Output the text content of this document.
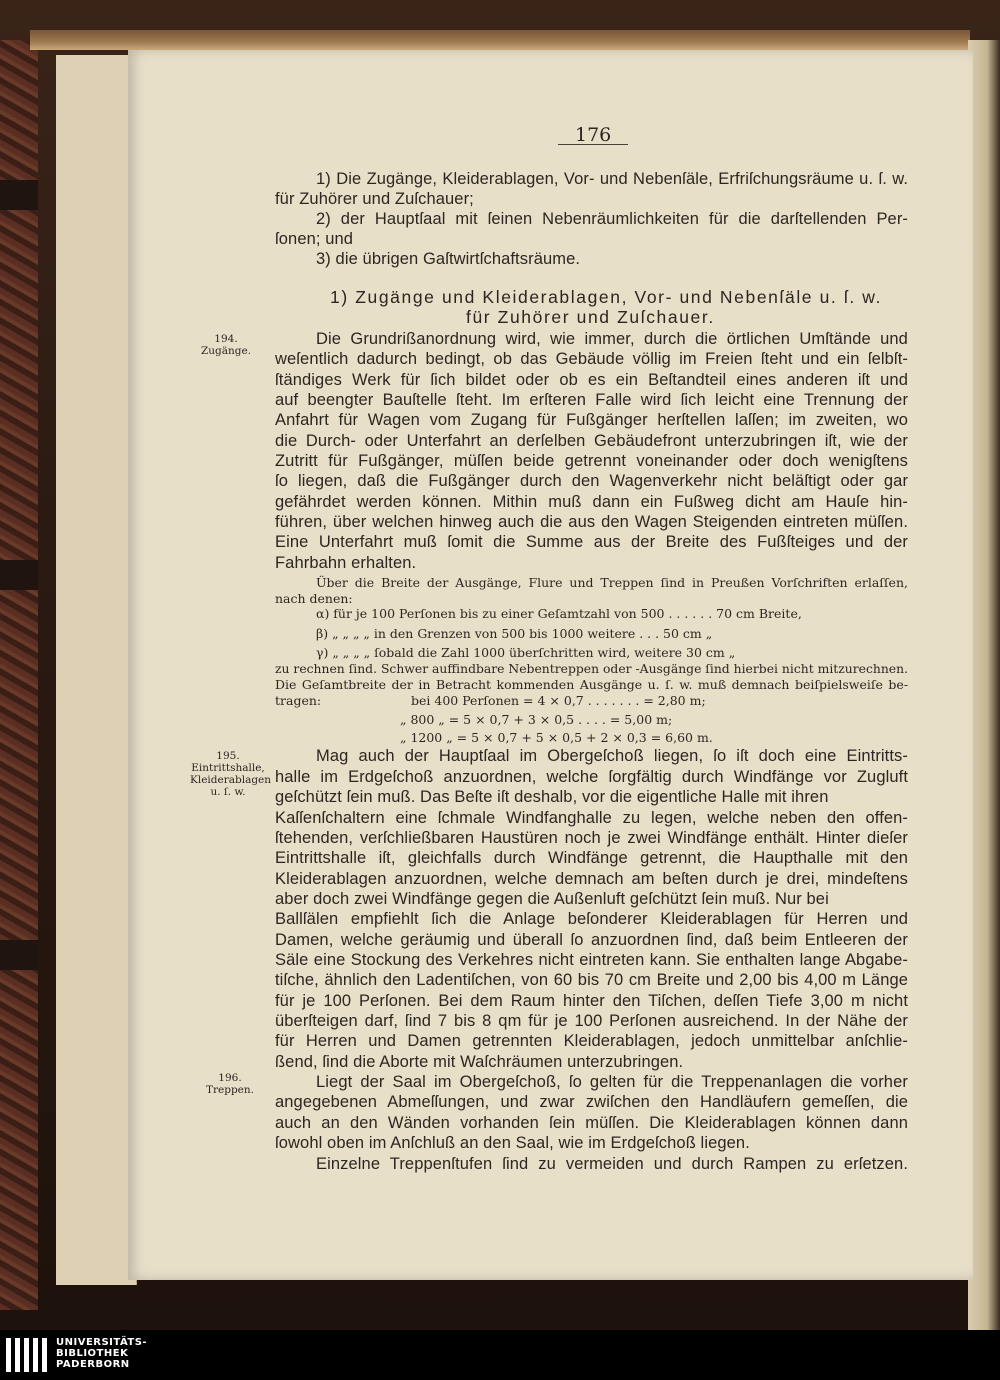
176
1) Die Zugänge, Kleiderablagen, Vor- und Nebenſäle, Erfriſchungsräume u. ſ. w.
für Zuhörer und Zuſchauer;
2) der Hauptſaal mit ſeinen Nebenräumlichkeiten für die darſtellenden Per-
ſonen; und
3) die übrigen Gaſtwirtſchaftsräume.
1) Zugänge und Kleiderablagen, Vor- und Nebenſäle u. ſ. w.
für Zuhörer und Zuſchauer.
Die Grundrißanordnung wird, wie immer, durch die örtlichen Umſtände und
weſentlich dadurch bedingt, ob das Gebäude völlig im Freien ſteht und ein ſelbſt-
ſtändiges Werk für ſich bildet oder ob es ein Beſtandteil eines anderen iſt und
auf beengter Bauſtelle ſteht. Im erſteren Falle wird ſich leicht eine Trennung der
Anfahrt für Wagen vom Zugang für Fußgänger herſtellen laſſen; im zweiten, wo
die Durch- oder Unterfahrt an derſelben Gebäudefront unterzubringen iſt, wie der
Zutritt für Fußgänger, müſſen beide getrennt voneinander oder doch wenigſtens
ſo liegen, daß die Fußgänger durch den Wagenverkehr nicht beläſtigt oder gar
gefährdet werden können. Mithin muß dann ein Fußweg dicht am Hauſe hin-
führen, über welchen hinweg auch die aus den Wagen Steigenden eintreten müſſen.
Eine Unterfahrt muß ſomit die Summe aus der Breite des Fußſteiges und der
Fahrbahn erhalten.
Über die Breite der Ausgänge, Flure und Treppen ſind in Preußen Vorſchriften erlaſſen,
nach denen:
α) für je 100 Perſonen bis zu einer Geſamtzahl von 500 . . . . . . 70 cm Breite,
β) „ „ „ „ in den Grenzen von 500 bis 1000 weitere . . . 50 cm „
γ) „ „ „ „ ſobald die Zahl 1000 überſchritten wird, weitere 30 cm „
zu rechnen ſind. Schwer auffindbare Nebentreppen oder -Ausgänge ſind hierbei nicht mitzurechnen.
Die Geſamtbreite der in Betracht kommenden Ausgänge u. ſ. w. muß demnach beiſpielsweiſe be-
tragen:	bei 400 Perſonen = 4 × 0,7 . . . . . . . = 2,80 m;
„ 800 „ = 5 × 0,7 + 3 × 0,5 . . . . = 5,00 m;
„ 1200 „ = 5 × 0,7 + 5 × 0,5 + 2 × 0,3 = 6,60 m.
Mag auch der Hauptſaal im Obergeſchoß liegen, ſo iſt doch eine Eintritts-
halle im Erdgeſchoß anzuordnen, welche ſorgfältig durch Windfänge vor Zugluft
geſchützt ſein muß. Das Beſte iſt deshalb, vor die eigentliche Halle mit ihren
Kaſſenſchaltern eine ſchmale Windfanghalle zu legen, welche neben den offen-
ſtehenden, verſchließbaren Haustüren noch je zwei Windfänge enthält. Hinter dieſer
Eintrittshalle iſt, gleichfalls durch Windfänge getrennt, die Haupthalle mit den
Kleiderablagen anzuordnen, welche demnach am beſten durch je drei, mindeſtens
aber doch zwei Windfänge gegen die Außenluft geſchützt ſein muß. Nur bei
Ballſälen empfiehlt ſich die Anlage beſonderer Kleiderablagen für Herren und
Damen, welche geräumig und überall ſo anzuordnen ſind, daß beim Entleeren der
Säle eine Stockung des Verkehres nicht eintreten kann. Sie enthalten lange Abgabe-
tiſche, ähnlich den Ladentiſchen, von 60 bis 70 cm Breite und 2,00 bis 4,00 m Länge
für je 100 Perſonen. Bei dem Raum hinter den Tiſchen, deſſen Tiefe 3,00 m nicht
überſteigen darf, ſind 7 bis 8 qm für je 100 Perſonen ausreichend. In der Nähe der
für Herren und Damen getrennten Kleiderablagen, jedoch unmittelbar anſchlie-
ßend, ſind die Aborte mit Waſchräumen unterzubringen.
Liegt der Saal im Obergeſchoß, ſo gelten für die Treppenanlagen die vorher
angegebenen Abmeſſungen, und zwar zwiſchen den Handläufern gemeſſen, die
auch an den Wänden vorhanden ſein müſſen. Die Kleiderablagen können dann
ſowohl oben im Anſchluß an den Saal, wie im Erdgeſchoß liegen.
Einzelne Treppenſtufen ſind zu vermeiden und durch Rampen zu erſetzen.
194.
Zugänge.
195.
Eintrittshalle,
Kleiderablagen
u. ſ. w.
196.
Treppen.
UNIVERSITÄTS-
BIBLIOTHEK
PADERBORN
